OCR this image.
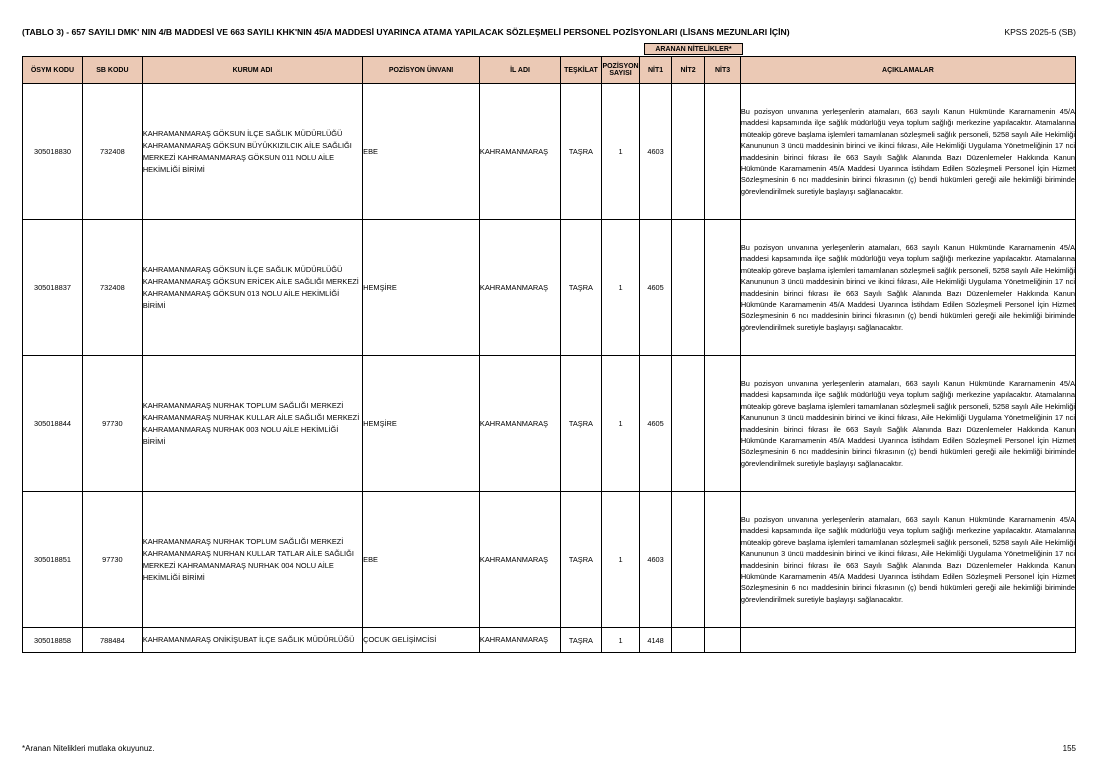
(TABLO 3) - 657 SAYILI DMK' NIN 4/B MADDESİ VE 663 SAYILI KHK'NIN 45/A MADDESİ UYARINCA ATAMA YAPILACAK SÖZLEŞMELİ PERSONEL POZİSYONLARI (LİSANS MEZUNLARI İÇİN)	KPSS 2025-5 (SB)
ARANAN NİTELİKLER*
ÖSYM KODU	SB KODU	KURUM ADI	POZİSYON ÜNVANI	İL ADI	TEŞKİLAT	POZİSYON SAYISI	NİT1	NİT2	NİT3	AÇIKLAMALAR
305018830	732408	KAHRAMANMARAŞ GÖKSUN İLÇE SAĞLIK MÜDÜRLÜĞÜ KAHRAMANMARAŞ GÖKSUN BÜYÜKKIZILCIK AİLE SAĞLIĞI MERKEZİ KAHRAMANMARAŞ GÖKSUN 011 NOLU AİLE HEKİMLİĞİ BİRİMİ	EBE	KAHRAMANMARAŞ	TAŞRA	1	4603			Bu pozisyon unvanına yerleşenlerin atamaları, 663 sayılı Kanun Hükmünde Kararnamenin 45/A maddesi kapsamında ilçe sağlık müdürlüğü veya toplum sağlığı merkezine yapılacaktır. Atamalarına müteakip göreve başlama işlemleri tamamlanan sözleşmeli sağlık personeli, 5258 sayılı Aile Hekimliği Kanununun 3 üncü maddesinin birinci ve ikinci fıkrası, Aile Hekimliği Uygulama Yönetmeliğinin 17 nci maddesinin birinci fıkrası ile 663 Sayılı Sağlık Alanında Bazı Düzenlemeler Hakkında Kanun Hükmünde Kararnamenin 45/A Maddesi Uyarınca İstihdam Edilen Sözleşmeli Personel İçin Hizmet Sözleşmesinin 6 ncı maddesinin birinci fıkrasının (ç) bendi hükümleri gereği aile hekimliği biriminde görevlendirilmek suretiyle başlayışı sağlanacaktır.
305018837	732408	KAHRAMANMARAŞ GÖKSUN İLÇE SAĞLIK MÜDÜRLÜĞÜ KAHRAMANMARAŞ GÖKSUN ERİCEK AİLE SAĞLIĞI MERKEZİ KAHRAMANMARAŞ GÖKSUN 013 NOLU AİLE HEKİMLİĞİ BİRİMİ	HEMŞİRE	KAHRAMANMARAŞ	TAŞRA	1	4605			Bu pozisyon unvanına yerleşenlerin atamaları, 663 sayılı Kanun Hükmünde Kararnamenin 45/A maddesi kapsamında ilçe sağlık müdürlüğü veya toplum sağlığı merkezine yapılacaktır. Atamalarına müteakip göreve başlama işlemleri tamamlanan sözleşmeli sağlık personeli, 5258 sayılı Aile Hekimliği Kanununun 3 üncü maddesinin birinci ve ikinci fıkrası, Aile Hekimliği Uygulama Yönetmeliğinin 17 nci maddesinin birinci fıkrası ile 663 Sayılı Sağlık Alanında Bazı Düzenlemeler Hakkında Kanun Hükmünde Kararnamenin 45/A Maddesi Uyarınca İstihdam Edilen Sözleşmeli Personel İçin Hizmet Sözleşmesinin 6 ncı maddesinin birinci fıkrasının (ç) bendi hükümleri gereği aile hekimliği biriminde görevlendirilmek suretiyle başlayışı sağlanacaktır.
305018844	97730	KAHRAMANMARAŞ NURHAK TOPLUM SAĞLIĞI MERKEZİ KAHRAMANMARAŞ NURHAK KULLAR AİLE SAĞLIĞI MERKEZİ KAHRAMANMARAŞ NURHAK 003 NOLU AİLE HEKİMLİĞİ BİRİMİ	HEMŞİRE	KAHRAMANMARAŞ	TAŞRA	1	4605			Bu pozisyon unvanına yerleşenlerin atamaları, 663 sayılı Kanun Hükmünde Kararnamenin 45/A maddesi kapsamında ilçe sağlık müdürlüğü veya toplum sağlığı merkezine yapılacaktır. Atamalarına müteakip göreve başlama işlemleri tamamlanan sözleşmeli sağlık personeli, 5258 sayılı Aile Hekimliği Kanununun 3 üncü maddesinin birinci ve ikinci fıkrası, Aile Hekimliği Uygulama Yönetmeliğinin 17 nci maddesinin birinci fıkrası ile 663 Sayılı Sağlık Alanında Bazı Düzenlemeler Hakkında Kanun Hükmünde Kararnamenin 45/A Maddesi Uyarınca İstihdam Edilen Sözleşmeli Personel İçin Hizmet Sözleşmesinin 6 ncı maddesinin birinci fıkrasının (ç) bendi hükümleri gereği aile hekimliği biriminde görevlendirilmek suretiyle başlayışı sağlanacaktır.
305018851	97730	KAHRAMANMARAŞ NURHAK TOPLUM SAĞLIĞI MERKEZİ KAHRAMANMARAŞ NURHAN KULLAR TATLAR AİLE SAĞLIĞI MERKEZİ KAHRAMANMARAŞ NURHAK 004 NOLU AİLE HEKİMLİĞİ BİRİMİ	EBE	KAHRAMANMARAŞ	TAŞRA	1	4603			Bu pozisyon unvanına yerleşenlerin atamaları, 663 sayılı Kanun Hükmünde Kararnamenin 45/A maddesi kapsamında ilçe sağlık müdürlüğü veya toplum sağlığı merkezine yapılacaktır. Atamalarına müteakip göreve başlama işlemleri tamamlanan sözleşmeli sağlık personeli, 5258 sayılı Aile Hekimliği Kanununun 3 üncü maddesinin birinci ve ikinci fıkrası, Aile Hekimliği Uygulama Yönetmeliğinin 17 nci maddesinin birinci fıkrası ile 663 Sayılı Sağlık Alanında Bazı Düzenlemeler Hakkında Kanun Hükmünde Kararnamenin 45/A Maddesi Uyarınca İstihdam Edilen Sözleşmeli Personel İçin Hizmet Sözleşmesinin 6 ncı maddesinin birinci fıkrasının (ç) bendi hükümleri gereği aile hekimliği biriminde görevlendirilmek suretiyle başlayışı sağlanacaktır.
305018858	788484	KAHRAMANMARAŞ ONİKİŞUBAT İLÇE SAĞLIK MÜDÜRLÜĞÜ	ÇOCUK GELİŞİMCİSİ	KAHRAMANMARAŞ	TAŞRA	1	4148			
*Aranan Nitelikleri mutlaka okuyunuz.	155
